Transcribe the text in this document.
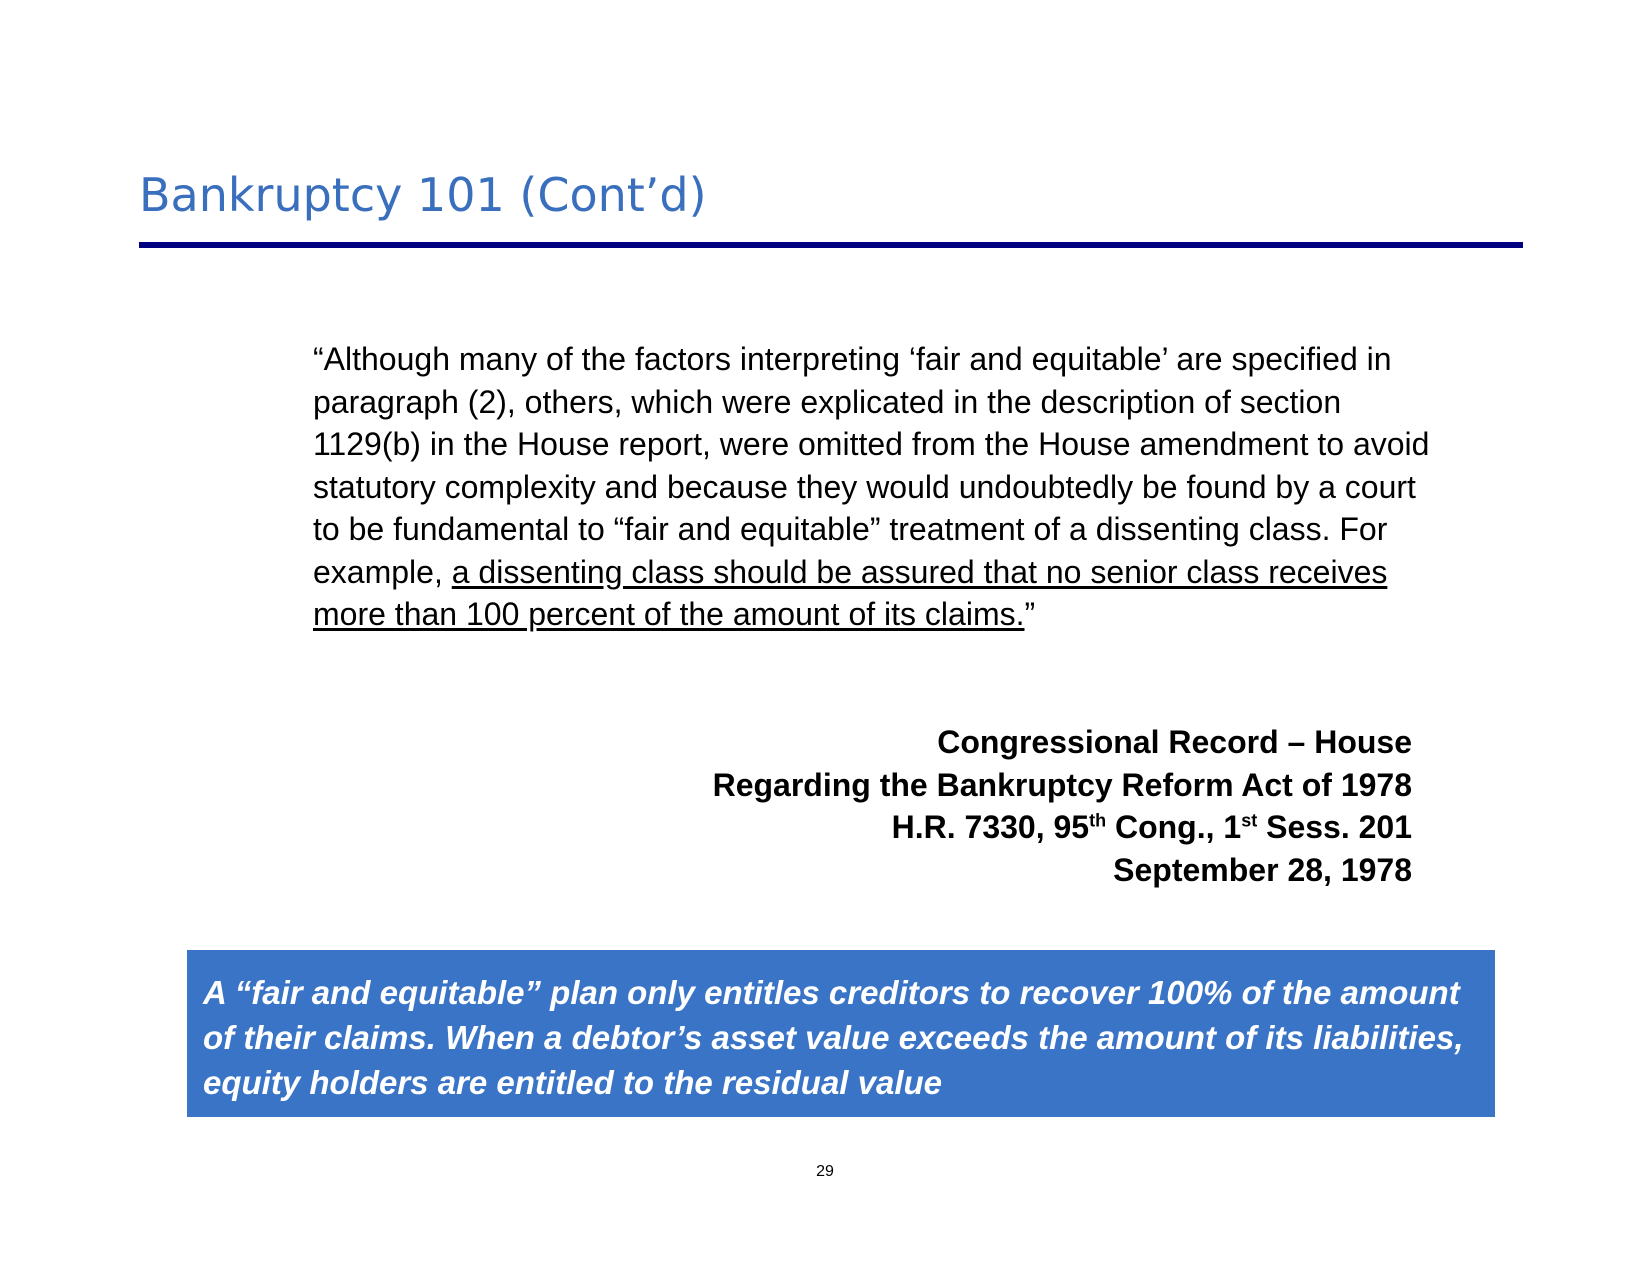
Bankruptcy 101 (Cont’d)

“Although many of the factors interpreting ‘fair and equitable’ are specified in paragraph (2), others, which were explicated in the description of section 1129(b) in the House report, were omitted from the House amendment to avoid statutory complexity and because they would undoubtedly be found by a court to be fundamental to “fair and equitable” treatment of a dissenting class. For example, a dissenting class should be assured that no senior class receives more than 100 percent of the amount of its claims.”

Congressional Record – House
Regarding the Bankruptcy Reform Act of 1978
H.R. 7330, 95th Cong., 1st Sess. 201
September 28, 1978
A “fair and equitable” plan only entitles creditors to recover 100% of the amount of their claims. When a debtor’s asset value exceeds the amount of its liabilities, equity holders are entitled to the residual value
29
